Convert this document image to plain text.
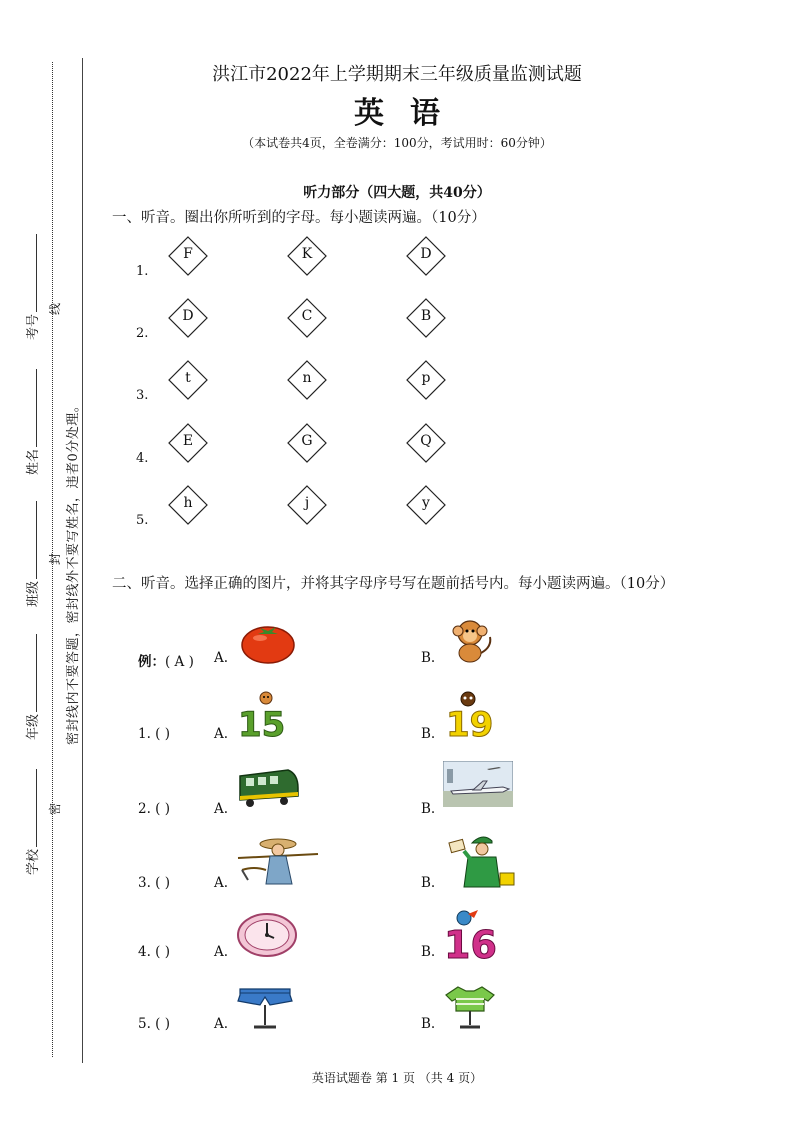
考号
姓名
班级
年级
学校
线
封
密
密封线内不要答题，密封线外不要写姓名，违者0分处理。
洪江市2022年上学期期末三年级质量监测试题
英语
（本试卷共4页，全卷满分：100分，考试用时：60分钟）
听力部分（四大题，共40分）
一、听音。圈出你所听到的字母。每小题读两遍。（10分）
1.
F	K	D
2.
D	C	B
3.
t	n	p
4.
E	G	Q
5.
h	j	y
二、听音。选择正确的图片，并将其字母序号写在题前括号内。每小题读两遍。（10分）
例：( A ) A.	B.
1. ( )	A.	B.
2. ( )	A.	B.
3. ( )	A.	B.
4. ( )	A.	B.
5. ( )	A.	B.
15	19
16
英语试题卷 第 1 页 （共 4 页）
